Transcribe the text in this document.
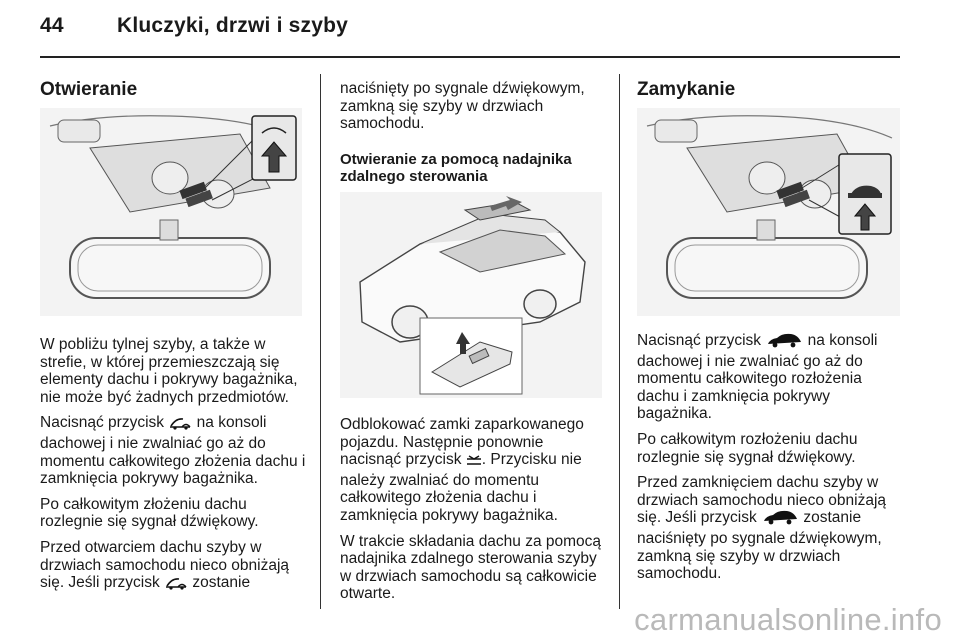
44	Kluczyki, drzwi i szyby
Otwieranie

W pobliżu tylnej szyby, a także w strefie, w której przemieszczają się elementy dachu i pokrywy bagażnika, nie może być żadnych przedmiotów.

Nacisnąć przycisk na konsoli dachowej i nie zwalniać go aż do momentu całkowitego złożenia dachu i zamknięcia pokrywy bagażnika.

Po całkowitym złożeniu dachu rozlegnie się sygnał dźwiękowy.

Przed otwarciem dachu szyby w drzwiach samochodu nieco obniżają się. Jeśli przycisk zostanie

naciśnięty po sygnale dźwiękowym, zamkną się szyby w drzwiach samochodu.

Otwieranie za pomocą nadajnika zdalnego sterowania

Odblokować zamki zaparkowanego pojazdu. Następnie ponownie nacisnąć przycisk . Przycisku nie należy zwalniać do momentu całkowitego złożenia dachu i zamknięcia pokrywy bagażnika.

W trakcie składania dachu za pomocą nadajnika zdalnego sterowania szyby w drzwiach samochodu są całkowicie otwarte.

Zamykanie

Nacisnąć przycisk	na konsoli dachowej i nie zwalniać go aż do momentu całkowitego rozłożenia dachu i zamknięcia pokrywy bagażnika.

Po całkowitym rozłożeniu dachu rozlegnie się sygnał dźwiękowy.

Przed zamknięciem dachu szyby w drzwiach samochodu nieco obniżają się. Jeśli przycisk	zostanie naciśnięty po sygnale dźwiękowym, zamkną się szyby w drzwiach samochodu.

carmanualsonline.info
